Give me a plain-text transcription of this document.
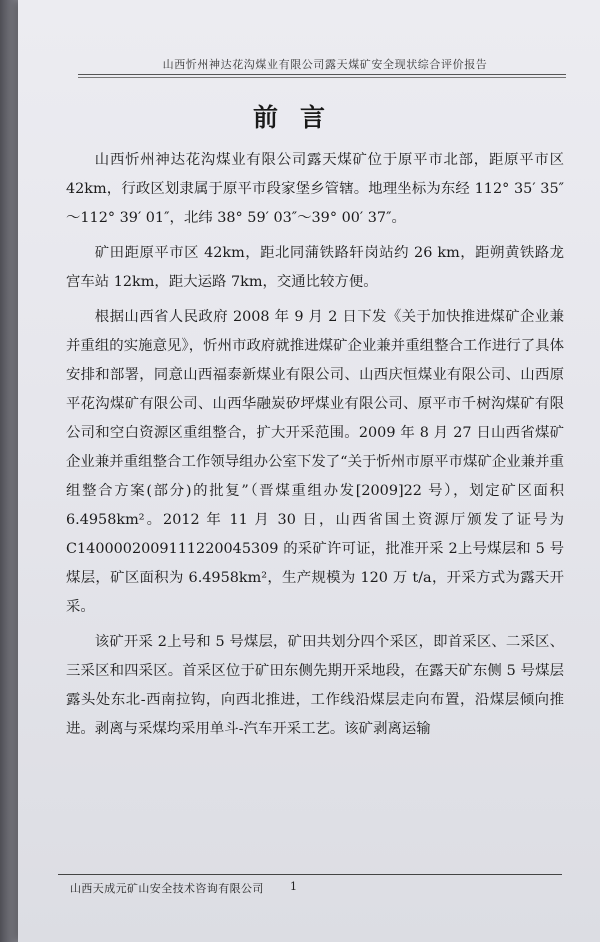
山西忻州神达花沟煤业有限公司露天煤矿安全现状综合评价报告
前言

山西忻州神达花沟煤业有限公司露天煤矿位于原平市北部，距原平市区 42km，行政区划隶属于原平市段家堡乡管辖。地理坐标为东经 112° 35′ 35″～112° 39′ 01″，北纬 38° 59′ 03″～39° 00′ 37″。

矿田距原平市区 42km，距北同蒲铁路轩岗站约 26 km，距朔黄铁路龙宫车站 12km，距大运路 7km，交通比较方便。

根据山西省人民政府 2008 年 9 月 2 日下发《关于加快推进煤矿企业兼并重组的实施意见》，忻州市政府就推进煤矿企业兼并重组整合工作进行了具体安排和部署，同意山西福泰新煤业有限公司、山西庆恒煤业有限公司、山西原平花沟煤矿有限公司、山西华融炭矽坪煤业有限公司、原平市千树沟煤矿有限公司和空白资源区重组整合，扩大开采范围。2009 年 8 月 27 日山西省煤矿企业兼并重组整合工作领导组办公室下发了“关于忻州市原平市煤矿企业兼并重组整合方案(部分)的批复”（晋煤重组办发[2009]22 号），划定矿区面积 6.4958km²。2012 年 11 月 30 日，山西省国土资源厅颁发了证号为 C1400002009111220045309 的采矿许可证，批准开采 2上号煤层和 5 号煤层，矿区面积为 6.4958km²，生产规模为 120 万 t/a，开采方式为露天开采。

该矿开采 2上号和 5 号煤层，矿田共划分四个采区，即首采区、二采区、三采区和四采区。首采区位于矿田东侧先期开采地段，在露天矿东侧 5 号煤层露头处东北-西南拉钩，向西北推进，工作线沿煤层走向布置，沿煤层倾向推进。剥离与采煤均采用单斗-汽车开采工艺。该矿剥离运输

山西天成元矿山安全技术咨询有限公司 1
